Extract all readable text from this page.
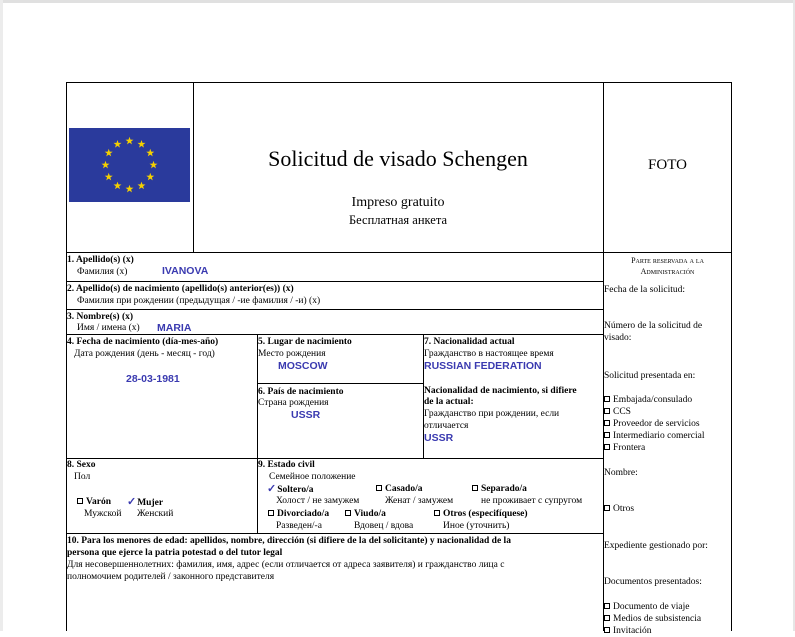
Solicitud de visado Schengen
Impreso gratuito
Бесплатная анкета
FOTO
Parte reservada a la
Administración
Fecha de la solicitud:
Número de la solicitud de
visado:
Solicitud presentada en:
Embajada/consulado
CCS
Proveedor de servicios
Intermediario comercial
Frontera
Nombre:
Otros
Expediente gestionado por:
Documentos presentados:
Documento de viaje
Medios de subsistencia
Invitación
1. Apellido(s) (x)
Фамилия (x)	IVANOVA
2. Apellido(s) de nacimiento (apellido(s) anterior(es)) (x)
Фамилия при рождении (предыдущая / -ие фамилия / -и) (x)
3. Nombre(s) (x)
Имя / имена (x) MARIA
4. Fecha de nacimiento (día-mes-año)
Дата рождения (день - месяц - год)
28-03-1981
5. Lugar de nacimiento
Место рождения
MOSCOW
6. País de nacimiento
Страна рождения
USSR
7. Nacionalidad actual
Гражданство в настоящее время
RUSSIAN FEDERATION
Nacionalidad de nacimiento, si difiere
de la actual:
Гражданство при рождении, если
отличается
USSR
8. Sexo
Пол
Varón
Мужской
✓Mujer
Женский
9. Estado civil
Семейное положение
✓Soltero/a
Холост / не замужем
Casado/a
Женат / замужем
Separado/a
не проживает с супругом
Divorciado/a
Разведен/-а
Viudo/a
Вдовец / вдова
Otros (especifíquese)
Иное (уточнить)
10. Para los menores de edad: apellidos, nombre, dirección (si difiere de la del solicitante) y nacionalidad de la
persona que ejerce la patria potestad o del tutor legal
Для несовершеннолетних: фамилия, имя, адрес (если отличается от адреса заявителя) и гражданство лица с
полномочием родителей / законного представителя
